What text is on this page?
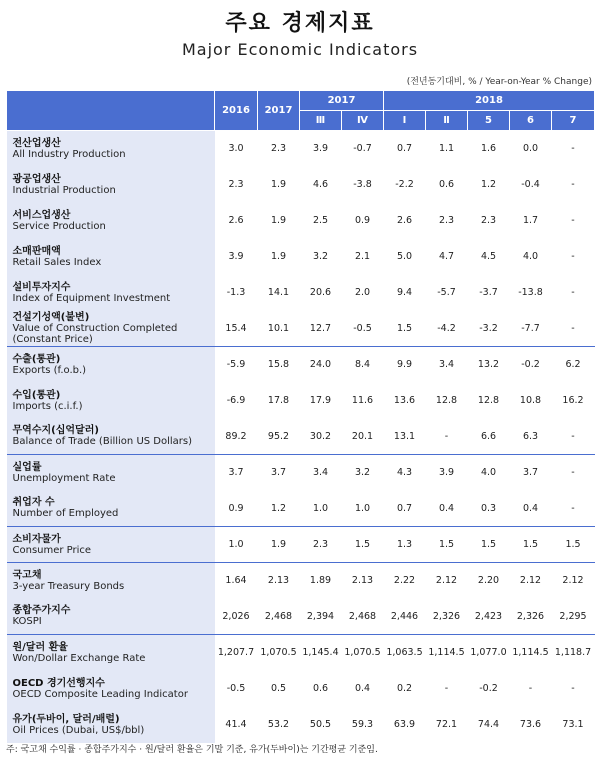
주요 경제지표
Major Economic Indicators
(전년동기대비, % / Year-on-Year % Change)
	2016	2017	2017		2018				
			Ⅲ	Ⅳ	Ⅰ	Ⅱ	5	6	7

전산업생산
All Industry Production	3.0	2.3	3.9	-0.7	0.7	1.1	1.6	0.0	-

광공업생산
Industrial Production	2.3	1.9	4.6	-3.8	-2.2	0.6	1.2	-0.4	-

서비스업생산
Service Production	2.6	1.9	2.5	0.9	2.6	2.3	2.3	1.7	-

소매판매액
Retail Sales Index	3.9	1.9	3.2	2.1	5.0	4.7	4.5	4.0	-

설비투자지수
Index of Equipment Investment	-1.3	14.1	20.6	2.0	9.4	-5.7	-3.7	-13.8	-

건설기성액(불변)
Value of Construction Completed
(Constant Price)	15.4	10.1	12.7	-0.5	1.5	-4.2	-3.2	-7.7	-

수출(통관)
Exports (f.o.b.)	-5.9	15.8	24.0	8.4	9.9	3.4	13.2	-0.2	6.2

수입(통관)
Imports (c.i.f.)	-6.9	17.8	17.9	11.6	13.6	12.8	12.8	10.8	16.2

무역수지(십억달러)
Balance of Trade (Billion US Dollars)	89.2	95.2	30.2	20.1	13.1	-	6.6	6.3	-

실업률
Unemployment Rate	3.7	3.7	3.4	3.2	4.3	3.9	4.0	3.7	-

취업자 수
Number of Employed	0.9	1.2	1.0	1.0	0.7	0.4	0.3	0.4	-

소비자물가
Consumer Price	1.0	1.9	2.3	1.5	1.3	1.5	1.5	1.5	1.5

국고채
3-year Treasury Bonds	1.64	2.13	1.89	2.13	2.22	2.12	2.20	2.12	2.12

종합주가지수
KOSPI	2,026	2,468	2,394	2,468	2,446	2,326	2,423	2,326	2,295

원/달러 환율
Won/Dollar Exchange Rate	1,207.7	1,070.5	1,145.4	1,070.5	1,063.5	1,114.5	1,077.0	1,114.5	1,118.7

OECD 경기선행지수
OECD Composite Leading Indicator	-0.5	0.5	0.6	0.4	0.2	-	-0.2	-	-

유가(두바이, 달러/배럴)
Oil Prices (Dubai, US$/bbl)	41.4	53.2	50.5	59.3	63.9	72.1	74.4	73.6	73.1
주: 국고채 수익률 · 종합주가지수 · 원/달러 환율은 기말 기준, 유가(두바이)는 기간평균 기준임.
